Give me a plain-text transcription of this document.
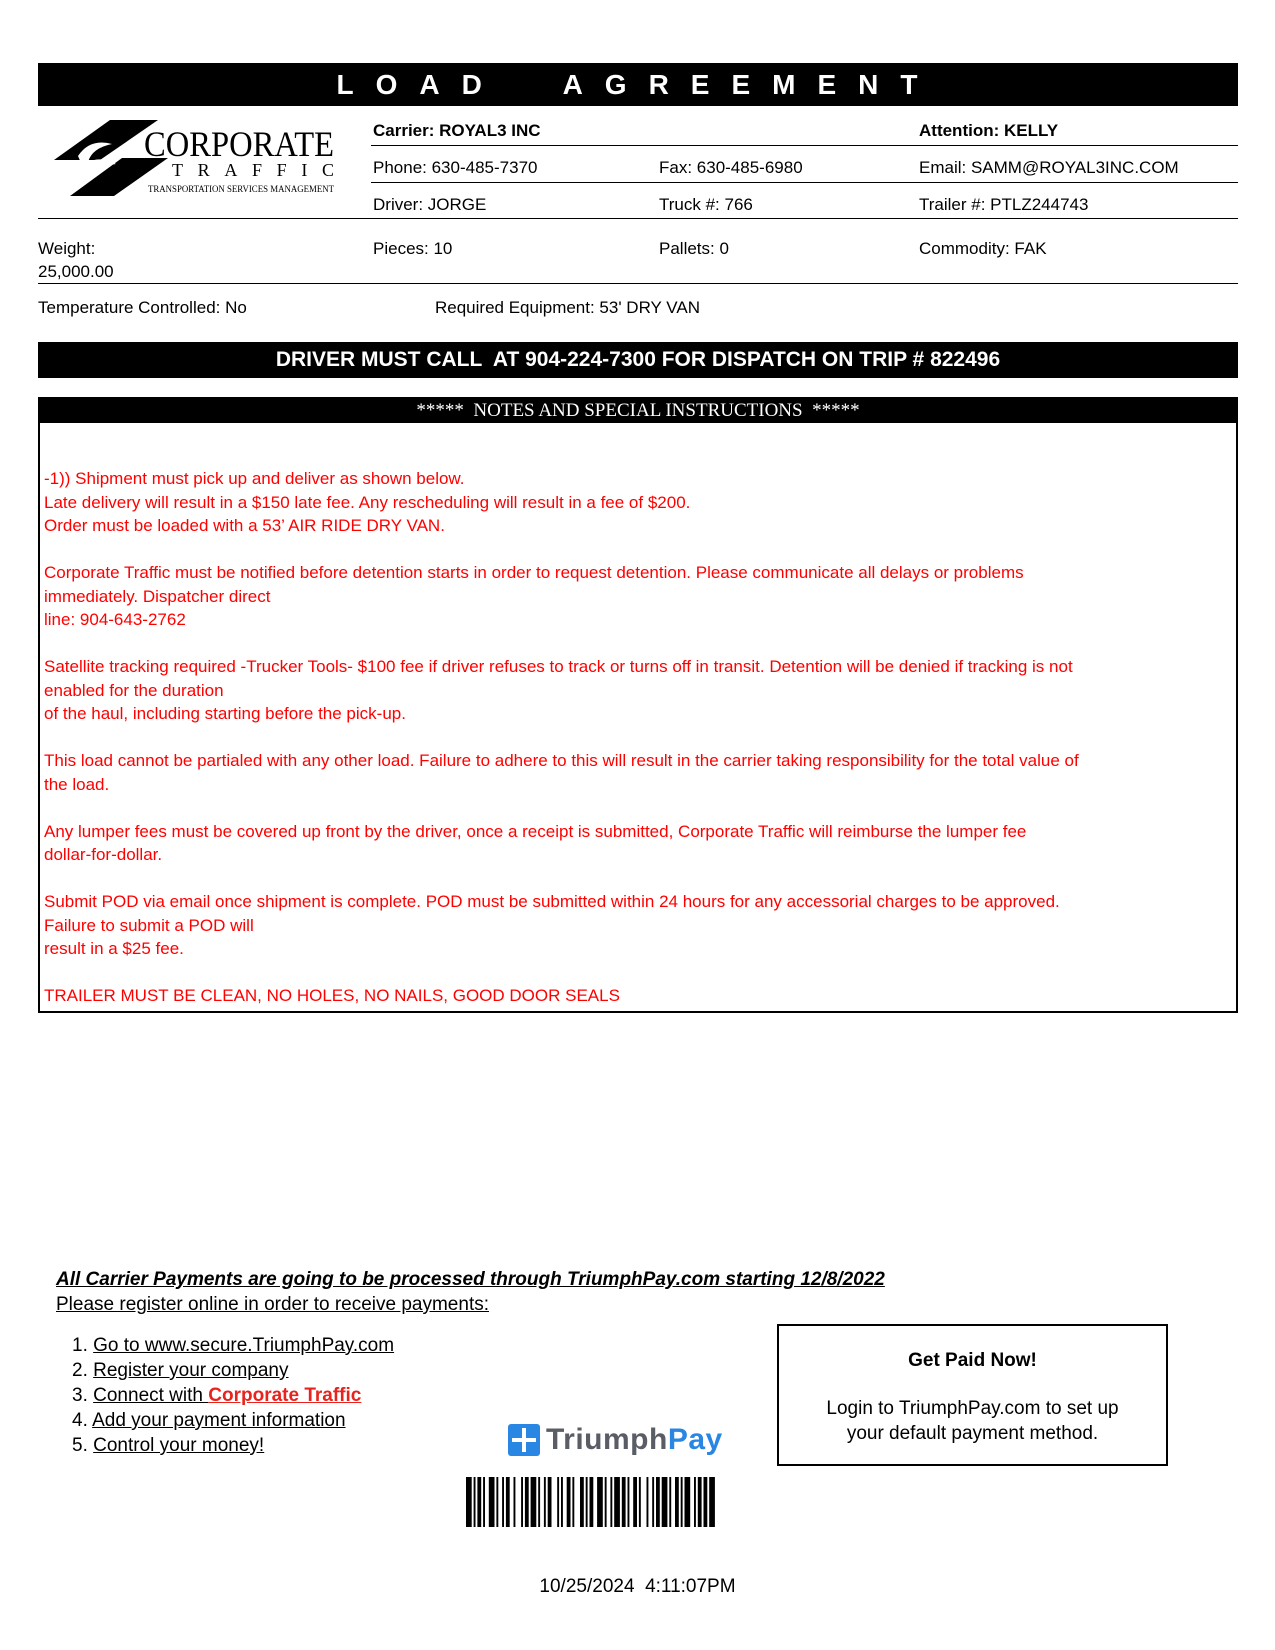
LOAD AGREEMENT
CORPORATE
TRAFFIC
TRANSPORTATION SERVICES MANAGEMENT
Carrier: ROYAL3 INC	Attention: KELLY
Phone: 630-485-7370	Fax: 630-485-6980	Email: SAMM@ROYAL3INC.COM
Driver: JORGE	Truck #: 766	Trailer #: PTLZ244743
Weight:
25,000.00
Pieces: 10	Pallets: 0	Commodity: FAK
Temperature Controlled: No	Required Equipment: 53' DRY VAN
DRIVER MUST CALL  AT 904-224-7300 FOR DISPATCH ON TRIP # 822496
*****  NOTES AND SPECIAL INSTRUCTIONS  *****

-1)) Shipment must pick up and deliver as shown below.
Late delivery will result in a $150 late fee. Any rescheduling will result in a fee of $200.
Order must be loaded with a 53’ AIR RIDE DRY VAN.

Corporate Traffic must be notified before detention starts in order to request detention. Please communicate all delays or problems
immediately. Dispatcher direct
line: 904-643-2762

Satellite tracking required -Trucker Tools- $100 fee if driver refuses to track or turns off in transit. Detention will be denied if tracking is not
enabled for the duration
of the haul, including starting before the pick-up.

This load cannot be partialed with any other load. Failure to adhere to this will result in the carrier taking responsibility for the total value of
the load.

Any lumper fees must be covered up front by the driver, once a receipt is submitted, Corporate Traffic will reimburse the lumper fee
dollar-for-dollar.

Submit POD via email once shipment is complete. POD must be submitted within 24 hours for any accessorial charges to be approved.
Failure to submit a POD will
result in a $25 fee.

TRAILER MUST BE CLEAN, NO HOLES, NO NAILS, GOOD DOOR SEALS

All Carrier Payments are going to be processed through TriumphPay.com starting 12/8/2022
Please register online in order to receive payments:
1. Go to www.secure.TriumphPay.com
2. Register your company
3. Connect with Corporate Traffic
4. Add your payment information
5. Control your money!	TriumphPay
Get Paid Now!
Login to TriumphPay.com to set up
your default payment method.
10/25/2024  4:11:07PM
